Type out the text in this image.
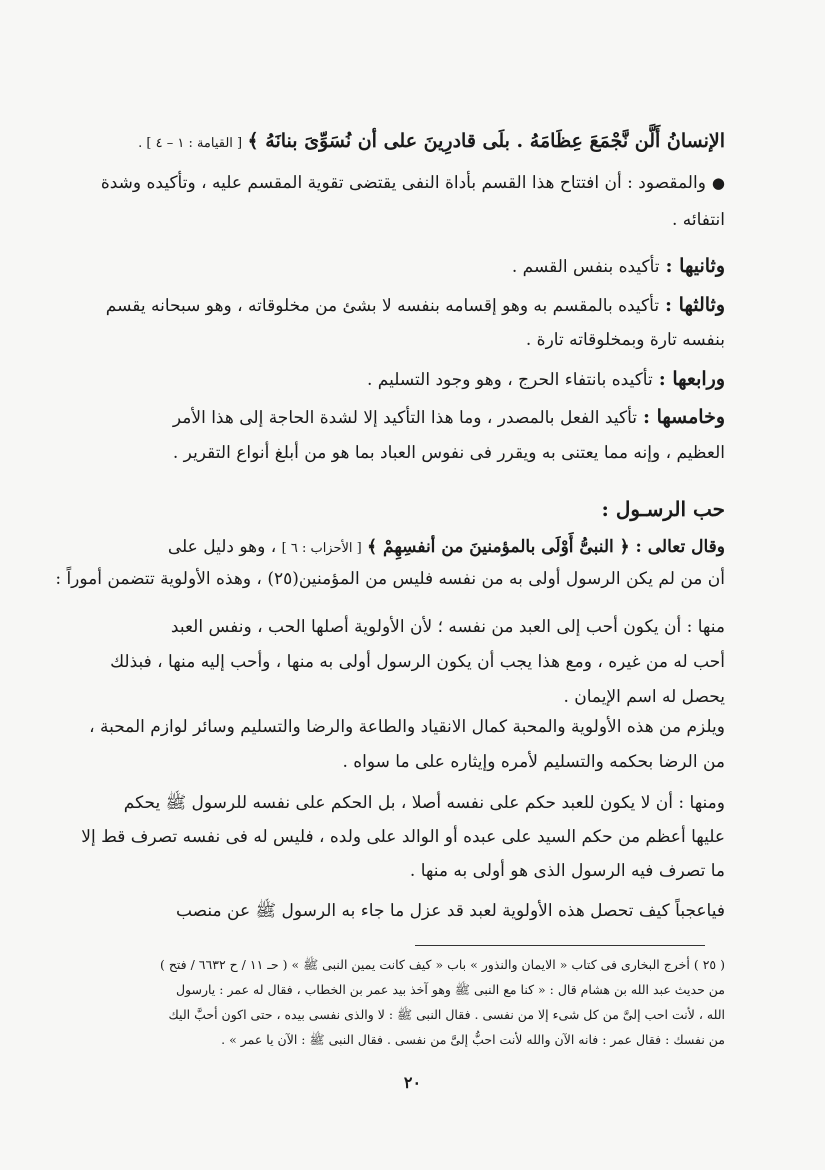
الإنسانُ أَلَّن نَّجْمَعَ عِظَامَهُ . بلَى قادرِينَ على أن نُسَوِّىَ بنانَهُ ﴾ [ القيامة : ١ – ٤ ] .
●والمقصود : أن افتتاح هذا القسم بأداة النفى يقتضى تقوية المقسم عليه ، وتأكيده وشدة
انتفائه .
وثانيها :تأكيده بنفس القسم .
وثالثها :تأكيده بالمقسم به وهو إقسامه بنفسه لا بشئ من مخلوقاته ، وهو سبحانه يقسم
بنفسه تارة وبمخلوقاته تارة .
ورابعها :تأكيده بانتفاء الحرج ، وهو وجود التسليم .
وخامسها :تأكيد الفعل بالمصدر ، وما هذا التأكيد إلا لشدة الحاجة إلى هذا الأمر
العظيم ، وإنه مما يعتنى به ويقرر فى نفوس العباد بما هو من أبلغ أنواع التقرير .
حب الرسـول :
وقال تعالى : ﴿ النبىُّ أَوْلَى بالمؤمنينَ من أنفسِهِمْ ﴾ [ الأحزاب : ٦ ] ، وهو دليل على
أن من لم يكن الرسول أولى به من نفسه فليس من المؤمنين(٢٥) ، وهذه الأولوية تتضمن أموراً :
منها : أن يكون أحب إلى العبد من نفسه ؛ لأن الأولوية أصلها الحب ، ونفس العبد
أحب له من غيره ، ومع هذا يجب أن يكون الرسول أولى به منها ، وأحب إليه منها ، فبذلك
يحصل له اسم الإيمان .
ويلزم من هذه الأولوية والمحبة كمال الانقياد والطاعة والرضا والتسليم وسائر لوازم المحبة ،
من الرضا بحكمه والتسليم لأمره وإيثاره على ما سواه .
ومنها : أن لا يكون للعبد حكم على نفسه أصلا ، بل الحكم على نفسه للرسول ﷺ يحكم
عليها أعظم من حكم السيد على عبده أو الوالد على ولده ، فليس له فى نفسه تصرف قط إلا
ما تصرف فيه الرسول الذى هو أولى به منها .
فياعجباً كيف تحصل هذه الأولوية لعبد قد عزل ما جاء به الرسول ﷺ عن منصب
( ٢٥ ) أخرج البخارى فى كتاب « الايمان والنذور » باب « كيف كانت يمين النبى ﷺ » ( حـ ١١ / ح ٦٦٣٢ / فتح )
من حديث عبد الله بن هشام قال : « كنا مع النبى ﷺ وهو آخذ بيد عمر بن الخطاب ، فقال له عمر : يارسول
الله ، لأنت احب إلىَّ من كل شىء إلا من نفسى . فقال النبى ﷺ : لا والذى نفسى بيده ، حتى اكون أحبَّ اليك
من نفسك : فقال عمر : فانه الآن والله لأنت احبُّ إلىَّ من نفسى . فقال النبى ﷺ : الآن يا عمر » .
٢٠
